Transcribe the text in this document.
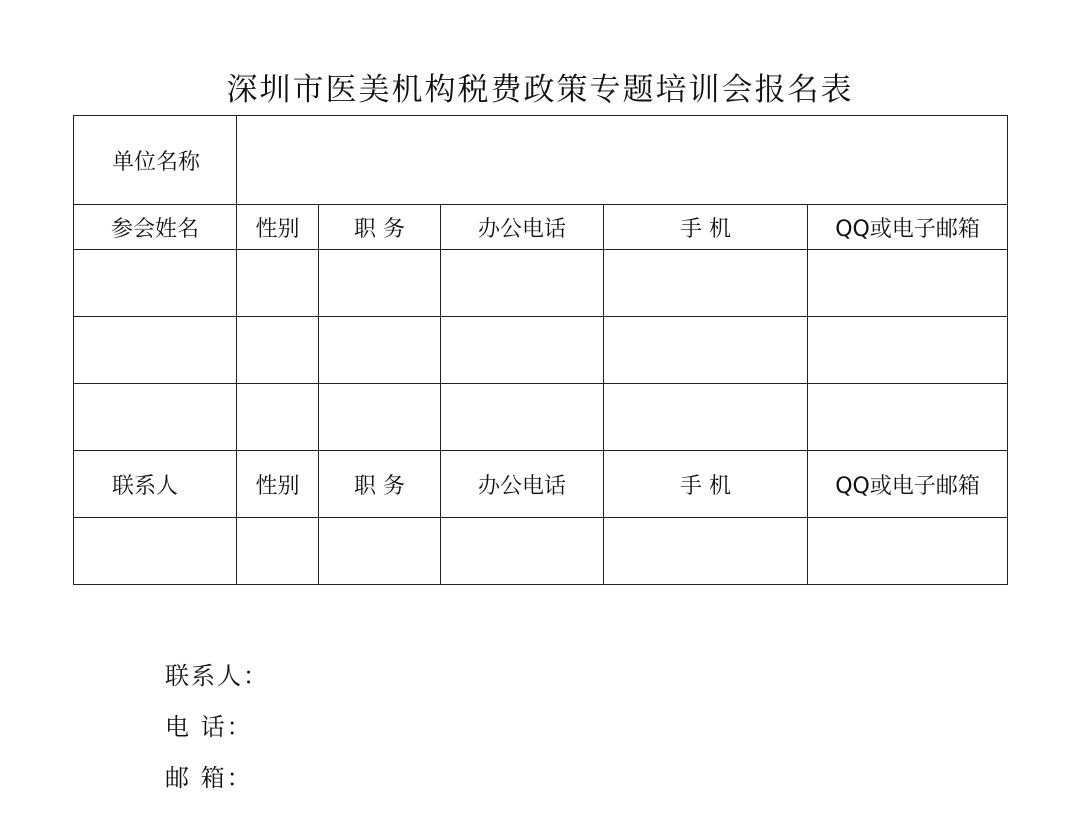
深圳市医美机构税费政策专题培训会报名表
单位名称					
参会姓名	性别	职 务	办公电话	手 机	QQ或电子邮箱

联系人	性别	职 务	办公电话	手 机	QQ或电子邮箱

联系人：
电 话：
邮 箱：
